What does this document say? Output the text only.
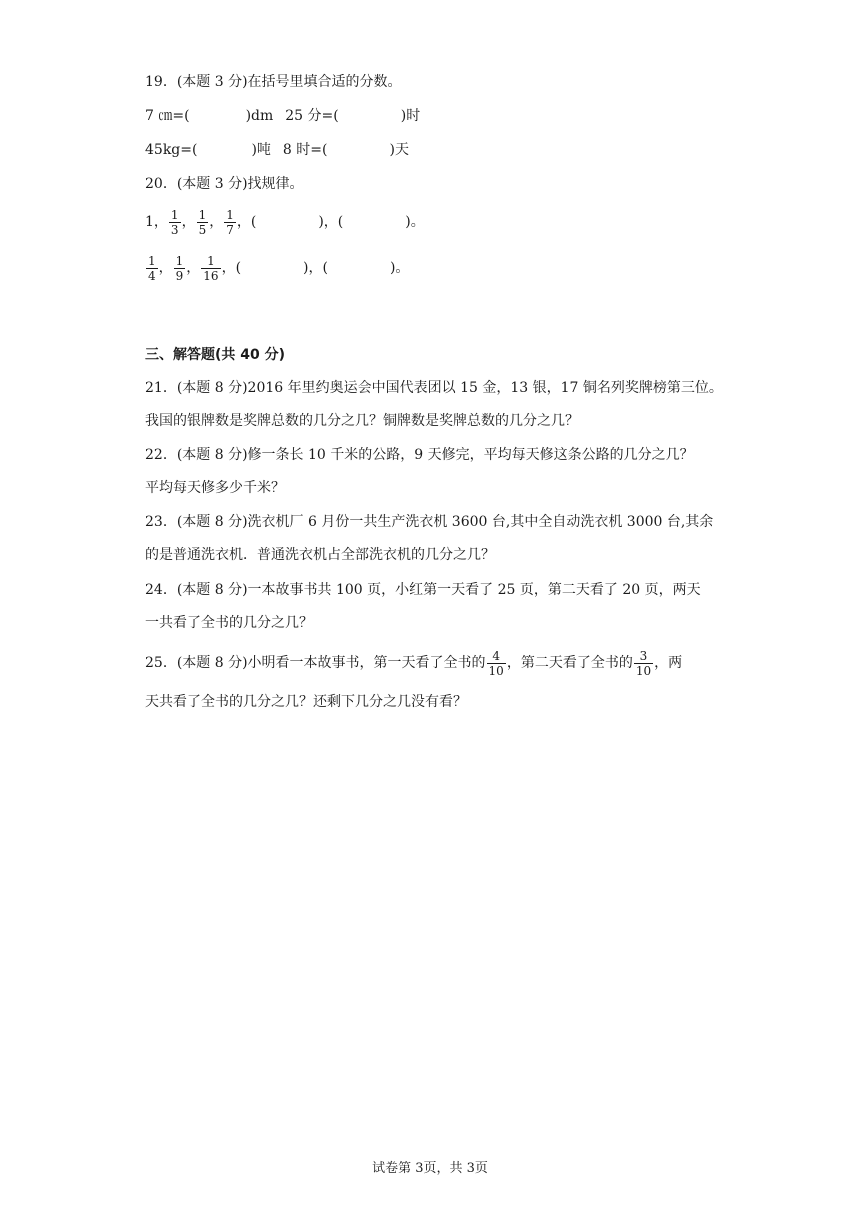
19．(本题 3 分)在括号里填合适的分数。
7 ㎝=(	)dm 25 分=(	)时
45kg=(	)吨 8 时=(	)天
20．(本题 3 分)找规律。
1， $\frac{1}{3}$ ， $\frac{1}{5}$ ， $\frac{1}{7}$ ，(	)，(	)。
$\frac{1}{4}$ ， $\frac{1}{9}$ ， $\frac{1}{16}$ ，(	)，(	)。
三、解答题(共 40 分)
21．(本题 8 分)2016 年里约奥运会中国代表团以 15 金，13 银，17 铜名列奖牌榜第三位。
我国的银牌数是奖牌总数的几分之几？铜牌数是奖牌总数的几分之几？
22．(本题 8 分)修一条长 10 千米的公路，9 天修完，平均每天修这条公路的几分之几？
平均每天修多少千米？
23．(本题 8 分)洗衣机厂 6 月份一共生产洗衣机 3600 台,其中全自动洗衣机 3000 台,其余
的是普通洗衣机．普通洗衣机占全部洗衣机的几分之几？
24．(本题 8 分)一本故事书共 100 页，小红第一天看了 25 页，第二天看了 20 页，两天
一共看了全书的几分之几？
25．(本题 8 分)小明看一本故事书，第一天看了全书的 $\frac{4}{10}$ ，第二天看了全书的 $\frac{3}{10}$ ，两
天共看了全书的几分之几？还剩下几分之几没有看？
试卷第 3页，共 3页
